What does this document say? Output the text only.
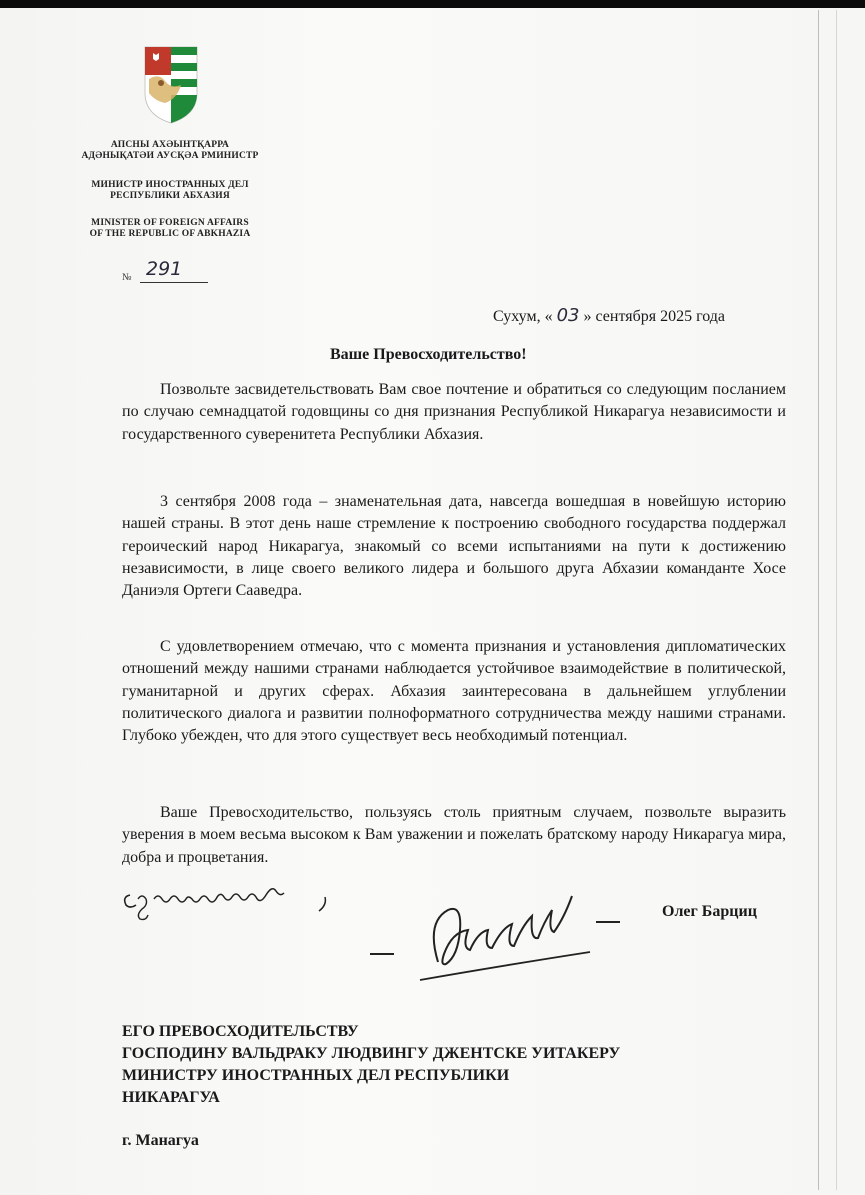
АПСНЫ АХӘЫНТҚАРРА
АДӘНЫҚАТӘИ АУСҚӘА РМИНИСТР
МИНИСТР ИНОСТРАННЫХ ДЕЛ
РЕСПУБЛИКИ АБХАЗИЯ
MINISTER OF FOREIGN AFFAIRS
OF THE REPUBLIC OF ABKHAZIA
№ 291
Сухум, « 03 » сентября 2025 года
Ваше Превосходительство!

Позвольте засвидетельствовать Вам свое почтение и обратиться со следующим посланием по случаю семнадцатой годовщины со дня признания Республикой Никарагуа независимости и государственного суверенитета Республики Абхазия.

3 сентября 2008 года – знаменательная дата, навсегда вошедшая в новейшую историю нашей страны. В этот день наше стремление к построению свободного государства поддержал героический народ Никарагуа, знакомый со всеми испытаниями на пути к достижению независимости, в лице своего великого лидера и большого друга Абхазии команданте Хосе Даниэля Ортеги Сааведра.

С удовлетворением отмечаю, что с момента признания и установления дипломатических отношений между нашими странами наблюдается устойчивое взаимодействие в политической, гуманитарной и других сферах. Абхазия заинтересована в дальнейшем углублении политического диалога и развитии полноформатного сотрудничества между нашими странами. Глубоко убежден, что для этого существует весь необходимый потенциал.

Ваше Превосходительство, пользуясь столь приятным случаем, позвольте выразить уверения в моем весьма высоком к Вам уважении и пожелать братскому народу Никарагуа мира, добра и процветания.

Олег Барциц
ЕГО ПРЕВОСХОДИТЕЛЬСТВУ
ГОСПОДИНУ ВАЛЬДРАКУ ЛЮДВИНГУ ДЖЕНТСКЕ УИТАКЕРУ
МИНИСТРУ ИНОСТРАННЫХ ДЕЛ РЕСПУБЛИКИ
НИКАРАГУА
г. Манагуа
